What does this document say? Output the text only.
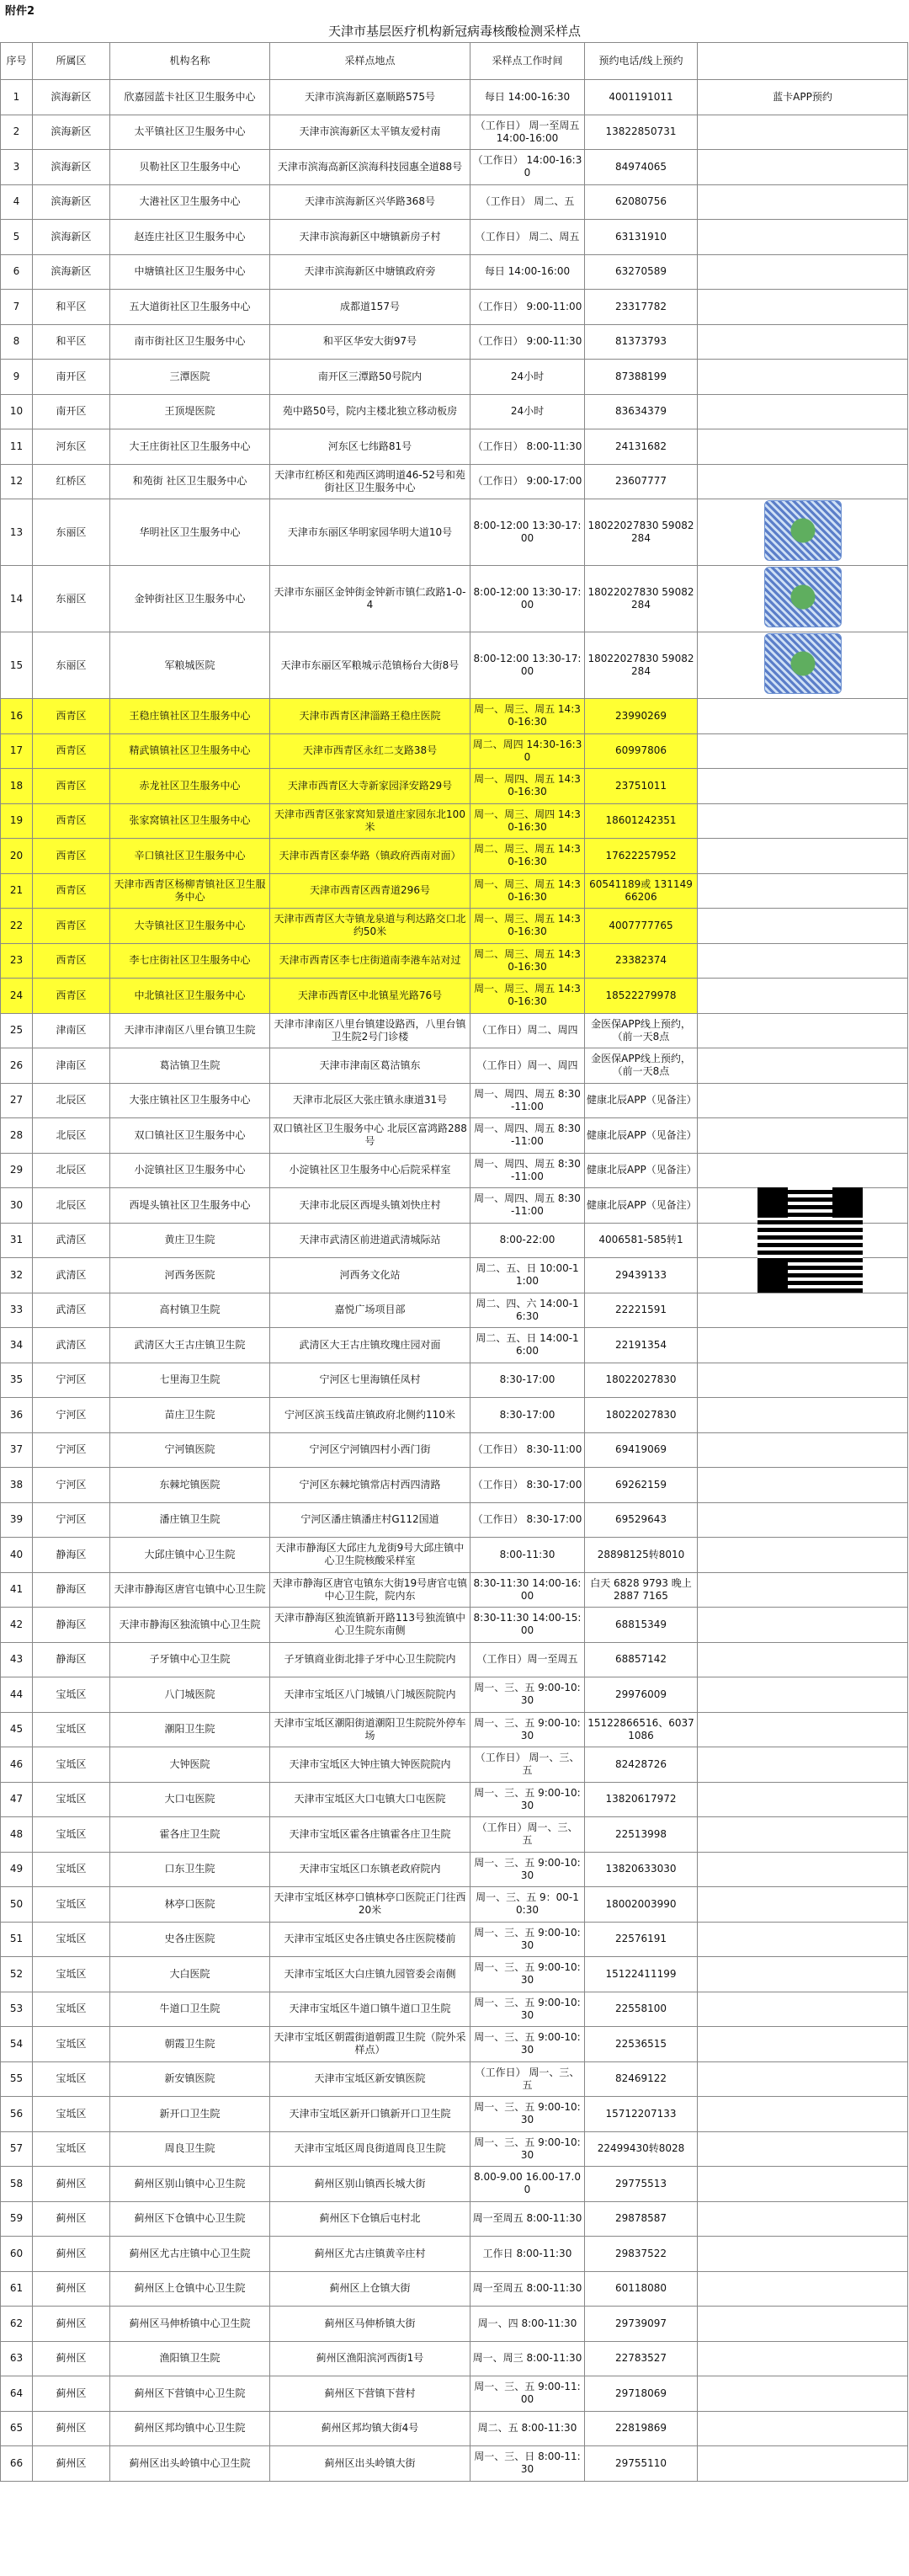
附件2
天津市基层医疗机构新冠病毒核酸检测采样点
序号	所属区	机构名称	采样点地点	采样点工作时间	预约电话/线上预约	
1	滨海新区	欣嘉园蓝卡社区卫生服务中心	天津市滨海新区嘉顺路575号	每日 14:00-16:30	4001191011	蓝卡APP预约
2	滨海新区	太平镇社区卫生服务中心	天津市滨海新区太平镇友爱村南	（工作日） 周一至周五 14:00-16:00	13822850731	
3	滨海新区	贝勒社区卫生服务中心	天津市滨海高新区滨海科技园惠全道88号	（工作日） 14:00-16:30	84974065	
4	滨海新区	大港社区卫生服务中心	天津市滨海新区兴华路368号	（工作日） 周二、五	62080756	
5	滨海新区	赵连庄社区卫生服务中心	天津市滨海新区中塘镇新房子村	（工作日） 周二、周五	63131910	
6	滨海新区	中塘镇社区卫生服务中心	天津市滨海新区中塘镇政府旁	每日 14:00-16:00	63270589	
7	和平区	五大道街社区卫生服务中心	成都道157号	（工作日） 9:00-11:00	23317782	
8	和平区	南市街社区卫生服务中心	和平区华安大街97号	（工作日） 9:00-11:30	81373793	
9	南开区	三潭医院	南开区三潭路50号院内	24小时	87388199	
10	南开区	王顶堤医院	苑中路50号，院内主楼北独立移动板房	24小时	83634379	
11	河东区	大王庄街社区卫生服务中心	河东区七纬路81号	（工作日） 8:00-11:30	24131682	
12	红桥区	和苑街 社区卫生服务中心	天津市红桥区和苑西区鸿明道46-52号和苑街社区卫生服务中心	（工作日） 9:00-17:00	23607777	
13	东丽区	华明社区卫生服务中心	天津市东丽区华明家园华明大道10号	8:00-12:00 13:30-17:00	18022027830 59082284	
14	东丽区	金钟街社区卫生服务中心	天津市东丽区金钟街金钟新市镇仁政路1-0-4	8:00-12:00 13:30-17:00	18022027830 59082284	
15	东丽区	军粮城医院	天津市东丽区军粮城示范镇杨台大街8号	8:00-12:00 13:30-17:00	18022027830 59082284	
16	西青区	王稳庄镇社区卫生服务中心	天津市西青区津淄路王稳庄医院	周一、周三、周五 14:30-16:30	23990269	
17	西青区	精武镇镇社区卫生服务中心	天津市西青区永红二支路38号	周二、周四 14:30-16:30	60997806	
18	西青区	赤龙社区卫生服务中心	天津市西青区大寺新家园泽安路29号	周一、周四、周五 14:30-16:30	23751011	
19	西青区	张家窝镇社区卫生服务中心	天津市西青区张家窝知景道庄家园东北100米	周一、周三、周四 14:30-16:30	18601242351	
20	西青区	辛口镇社区卫生服务中心	天津市西青区泰华路（镇政府西南对面）	周二、周三、周五 14:30-16:30	17622257952	
21	西青区	天津市西青区杨柳青镇社区卫生服务中心	天津市西青区西青道296号	周一、周三、周五 14:30-16:30	60541189或 13114966206	
22	西青区	大寺镇社区卫生服务中心	天津市西青区大寺镇龙泉道与利达路交口北约50米	周一、周三、周五 14:30-16:30	4007777765	
23	西青区	李七庄街社区卫生服务中心	天津市西青区李七庄街道南李港车站对过	周二、周三、周五 14:30-16:30	23382374	
24	西青区	中北镇社区卫生服务中心	天津市西青区中北镇星光路76号	周一、周三、周五 14:30-16:30	18522279978	
25	津南区	天津市津南区八里台镇卫生院	天津市津南区八里台镇建设路西，八里台镇卫生院2号门诊楼	（工作日）周二、周四	金医保APP线上预约，（前一天8点	
26	津南区	葛沽镇卫生院	天津市津南区葛沽镇东	（工作日）周一、周四	金医保APP线上预约，（前一天8点	
27	北辰区	大张庄镇社区卫生服务中心	天津市北辰区大张庄镇永康道31号	周一、周四、周五 8:30-11:00	健康北辰APP（见备注）	
28	北辰区	双口镇社区卫生服务中心	双口镇社区卫生服务中心 北辰区富鸿路288号	周一、周四、周五 8:30-11:00	健康北辰APP（见备注）	
29	北辰区	小淀镇社区卫生服务中心	小淀镇社区卫生服务中心后院采样室	周一、周四、周五 8:30-11:00	健康北辰APP（见备注）	
30	北辰区	西堤头镇社区卫生服务中心	天津市北辰区西堤头镇刘快庄村	周一、周四、周五 8:30-11:00	健康北辰APP（见备注）	
31	武清区	黄庄卫生院	天津市武清区前进道武清城际站	8:00-22:00	4006581-585转1	
32	武清区	河西务医院	河西务文化站	周二、五、日 10:00-11:00	29439133	
33	武清区	高村镇卫生院	嘉悦广场项目部	周二、四、六 14:00-16:30	22221591	
34	武清区	武清区大王古庄镇卫生院	武清区大王古庄镇玫瑰庄园对面	周二、五、日 14:00-16:00	22191354	
35	宁河区	七里海卫生院	宁河区七里海镇任凤村	8:30-17:00	18022027830	
36	宁河区	苗庄卫生院	宁河区滨玉线苗庄镇政府北侧约110米	8:30-17:00	18022027830	
37	宁河区	宁河镇医院	宁河区宁河镇四村小西门街	（工作日） 8:30-11:00	69419069	
38	宁河区	东棘坨镇医院	宁河区东棘坨镇常店村西四清路	（工作日） 8:30-17:00	69262159	
39	宁河区	潘庄镇卫生院	宁河区潘庄镇潘庄村G112国道	（工作日） 8:30-17:00	69529643	
40	静海区	大邱庄镇中心卫生院	天津市静海区大邱庄九龙街9号大邱庄镇中心卫生院核酸采样室	8:00-11:30	28898125转8010	
41	静海区	天津市静海区唐官屯镇中心卫生院	天津市静海区唐官屯镇东大街19号唐官屯镇中心卫生院，院内东	8:30-11:30 14:00-16:00	白天 6828 9793 晚上 2887 7165	
42	静海区	天津市静海区独流镇中心卫生院	天津市静海区独流镇新开路113号独流镇中心卫生院东南侧	8:30-11:30 14:00-15:00	68815349	
43	静海区	子牙镇中心卫生院	子牙镇商业街北排子牙中心卫生院院内	（工作日）周一至周五	68857142	
44	宝坻区	八门城医院	天津市宝坻区八门城镇八门城医院院内	周一、三、五 9:00-10:30	29976009	
45	宝坻区	潮阳卫生院	天津市宝坻区潮阳街道潮阳卫生院院外停车场	周一、三、五 9:00-10:30	15122866516、60371086	
46	宝坻区	大钟医院	天津市宝坻区大钟庄镇大钟医院院内	（工作日） 周一、三、五	82428726	
47	宝坻区	大口屯医院	天津市宝坻区大口屯镇大口屯医院	周一、三、五 9:00-10:30	13820617972	
48	宝坻区	霍各庄卫生院	天津市宝坻区霍各庄镇霍各庄卫生院	（工作日）周一、三、五	22513998	
49	宝坻区	口东卫生院	天津市宝坻区口东镇老政府院内	周一、三、五 9:00-10:30	13820633030	
50	宝坻区	林亭口医院	天津市宝坻区林亭口镇林亭口医院正门往西20米	周一、三、五 9：00-10:30	18002003990	
51	宝坻区	史各庄医院	天津市宝坻区史各庄镇史各庄医院楼前	周一、三、五 9:00-10:30	22576191	
52	宝坻区	大白医院	天津市宝坻区大白庄镇九园管委会南侧	周一、三、五 9:00-10:30	15122411199	
53	宝坻区	牛道口卫生院	天津市宝坻区牛道口镇牛道口卫生院	周一、三、五 9:00-10:30	22558100	
54	宝坻区	朝霞卫生院	天津市宝坻区朝霞街道朝霞卫生院（院外采样点）	周一、三、五 9:00-10:30	22536515	
55	宝坻区	新安镇医院	天津市宝坻区新安镇医院	（工作日） 周一、三、五	82469122	
56	宝坻区	新开口卫生院	天津市宝坻区新开口镇新开口卫生院	周一、三、五 9:00-10:30	15712207133	
57	宝坻区	周良卫生院	天津市宝坻区周良街道周良卫生院	周一、三、五 9:00-10:30	22499430转8028	
58	蓟州区	蓟州区别山镇中心卫生院	蓟州区别山镇西长城大街	8.00-9.00 16.00-17.00	29775513	
59	蓟州区	蓟州区下仓镇中心卫生院	蓟州区下仓镇后屯村北	周一至周五 8:00-11:30	29878587	
60	蓟州区	蓟州区尤古庄镇中心卫生院	蓟州区尤古庄镇黄辛庄村	工作日 8:00-11:30	29837522	
61	蓟州区	蓟州区上仓镇中心卫生院	蓟州区上仓镇大街	周一至周五 8:00-11:30	60118080	
62	蓟州区	蓟州区马伸桥镇中心卫生院	蓟州区马伸桥镇大街	周一、四 8:00-11:30	29739097	
63	蓟州区	渔阳镇卫生院	蓟州区渔阳滨河西街1号	周一、周三 8:00-11:30	22783527	
64	蓟州区	蓟州区下营镇中心卫生院	蓟州区下营镇下营村	周一、三、五 9:00-11:00	29718069	
65	蓟州区	蓟州区邦均镇中心卫生院	蓟州区邦均镇大街4号	周二、五 8:00-11:30	22819869	
66	蓟州区	蓟州区出头岭镇中心卫生院	蓟州区出头岭镇大街	周一、三、日 8:00-11:30	29755110	
